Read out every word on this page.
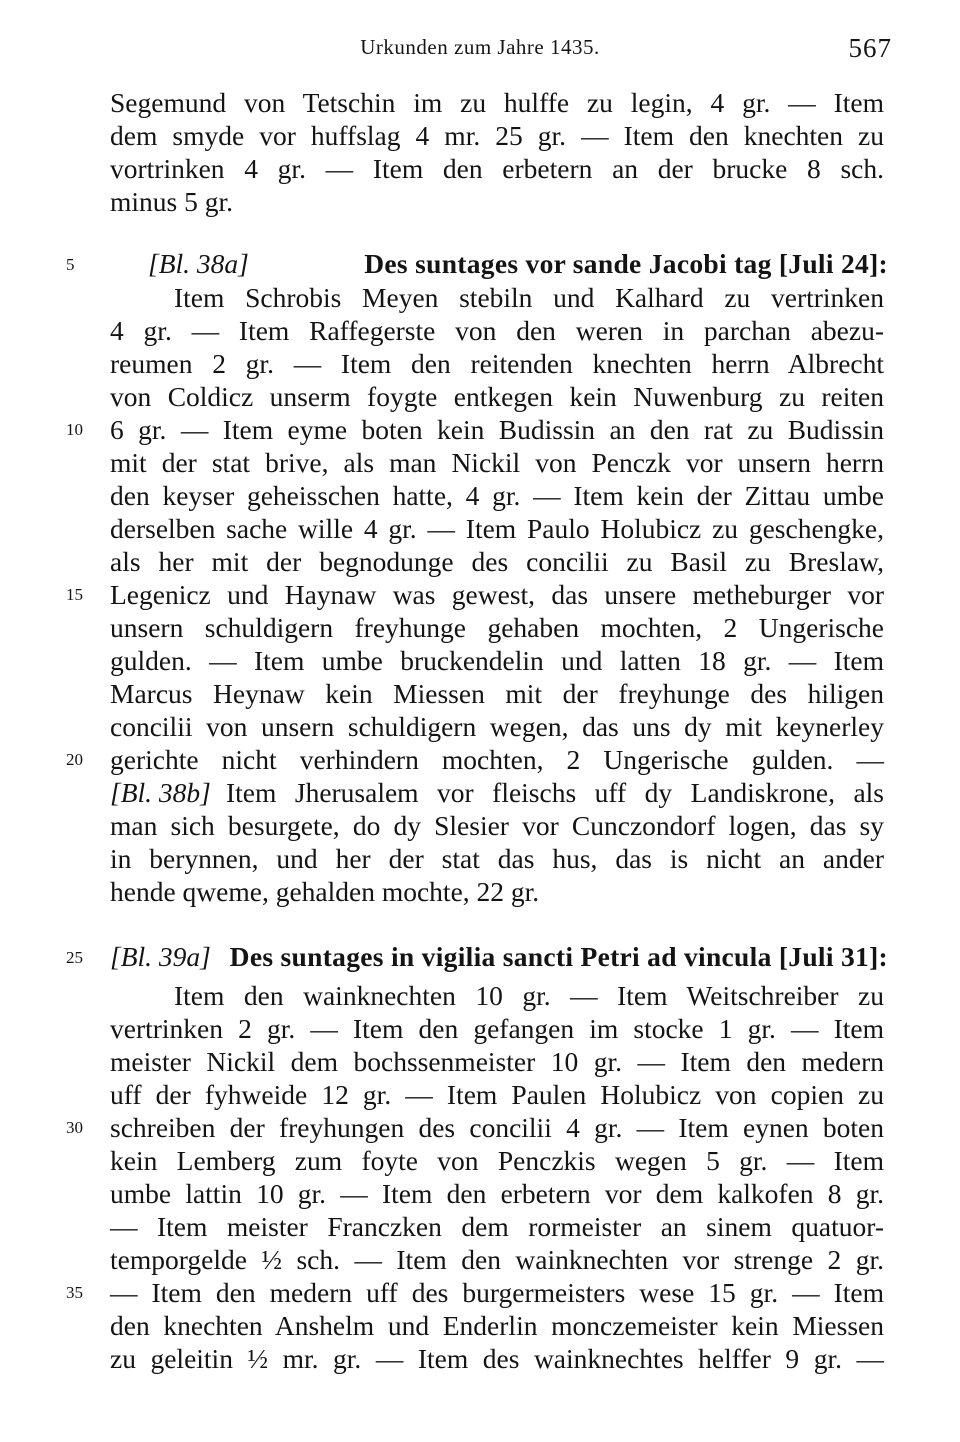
Urkunden zum Jahre 1435.	567
Segemund von Tetschin im zu hulffe zu legin, 4 gr. — Item
dem smyde vor huffslag 4 mr. 25 gr. — Item den knechten zu
vortrinken 4 gr. — Item den erbetern an der brucke 8 sch.
minus 5 gr.
5	[Bl. 38a]	Des suntages vor sande Jacobi tag [Juli 24]:
Item Schrobis Meyen stebiln und Kalhard zu vertrinken
4 gr. — Item Raffegerste von den weren in parchan abezu-
reumen 2 gr. — Item den reitenden knechten herrn Albrecht
von Coldicz unserm foygte entkegen kein Nuwenburg zu reiten
10 6 gr. — Item eyme boten kein Budissin an den rat zu Budissin
mit der stat brive, als man Nickil von Penczk vor unsern herrn
den keyser geheisschen hatte, 4 gr. — Item kein der Zittau umbe
derselben sache wille 4 gr. — Item Paulo Holubicz zu geschengke,
als her mit der begnodunge des concilii zu Basil zu Breslaw,
15 Legenicz und Haynaw was gewest, das unsere metheburger vor
unsern schuldigern freyhunge gehaben mochten, 2 Ungerische
gulden. — Item umbe bruckendelin und latten 18 gr. — Item
Marcus Heynaw kein Miessen mit der freyhunge des hiligen
concilii von unsern schuldigern wegen, das uns dy mit keynerley
20 gerichte nicht verhindern mochten, 2 Ungerische gulden. —
[Bl. 38b] Item Jherusalem vor fleischs uff dy Landiskrone, als
man sich besurgete, do dy Slesier vor Cunczondorf logen, das sy
in berynnen, und her der stat das hus, das is nicht an ander
hende qweme, gehalden mochte, 22 gr.
25 [Bl. 39a] Des suntages in vigilia sancti Petri ad vincula [Juli 31]:
Item den wainknechten 10 gr. — Item Weitschreiber zu
vertrinken 2 gr. — Item den gefangen im stocke 1 gr. — Item
meister Nickil dem bochssenmeister 10 gr. — Item den medern
uff der fyhweide 12 gr. — Item Paulen Holubicz von copien zu
30 schreiben der freyhungen des concilii 4 gr. — Item eynen boten
kein Lemberg zum foyte von Penczkis wegen 5 gr. — Item
umbe lattin 10 gr. — Item den erbetern vor dem kalkofen 8 gr.
— Item meister Franczken dem rormeister an sinem quatuor-
temporgelde ½ sch. — Item den wainknechten vor strenge 2 gr.
35 — Item den medern uff des burgermeisters wese 15 gr. — Item
den knechten Anshelm und Enderlin monczemeister kein Miessen
zu geleitin ½ mr. gr. — Item des wainknechtes helffer 9 gr. —
